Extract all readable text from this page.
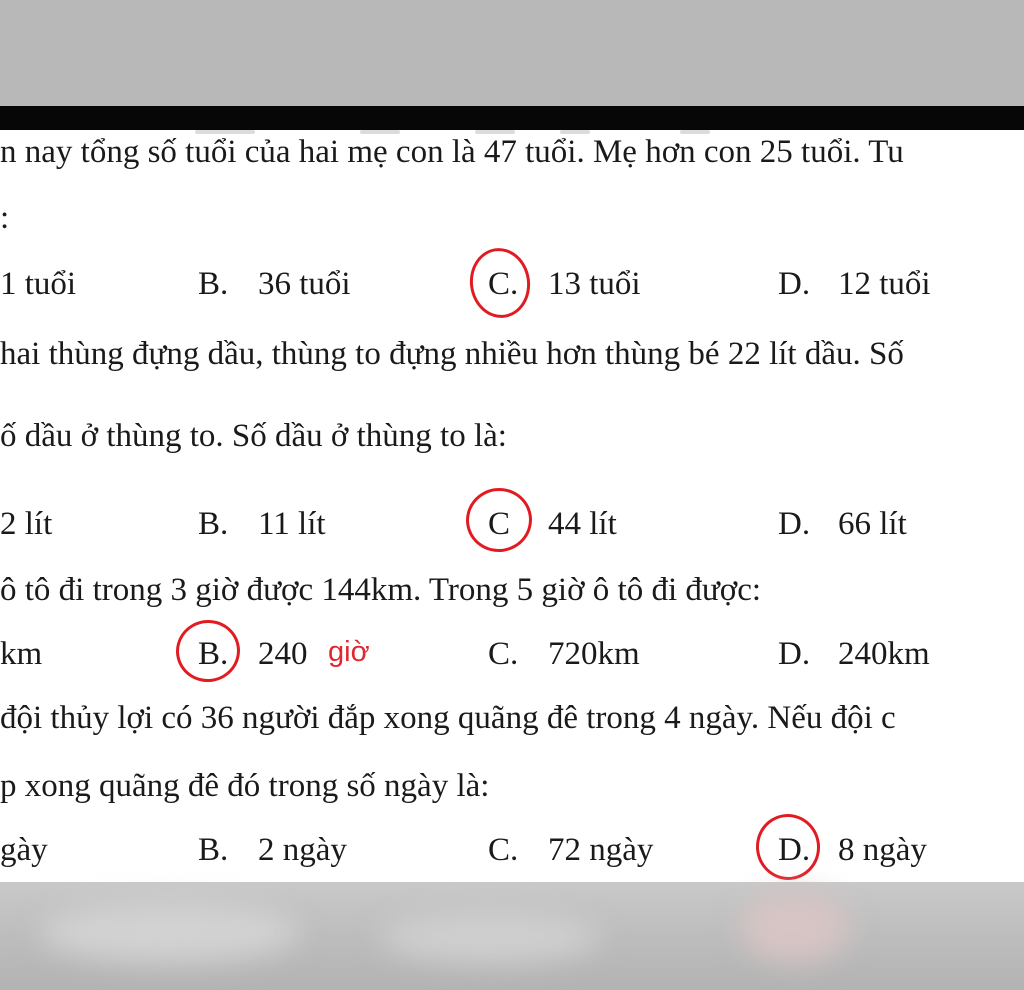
n nay tổng số tuổi của hai mẹ con là 47 tuổi. Mẹ hơn con 25 tuổi. Tu
:
1 tuổi	B. 36 tuổi	C. 13 tuổi	D. 12 tuổi
hai thùng đựng dầu, thùng to đựng nhiều hơn thùng bé 22 lít dầu. Số
ố dầu ở thùng to. Số dầu ở thùng to là:
2 lít	B. 11 lít	C 44 lít	D. 66 lít
ô tô đi trong 3 giờ được 144km. Trong 5 giờ ô tô đi được:
km	B. 240 giờ	C. 720km	D. 240km
đội thủy lợi có 36 người đắp xong quãng đê trong 4 ngày. Nếu đội c
p xong quãng đê đó trong số ngày là:
gày	B. 2 ngày	C. 72 ngày	D. 8 ngày
